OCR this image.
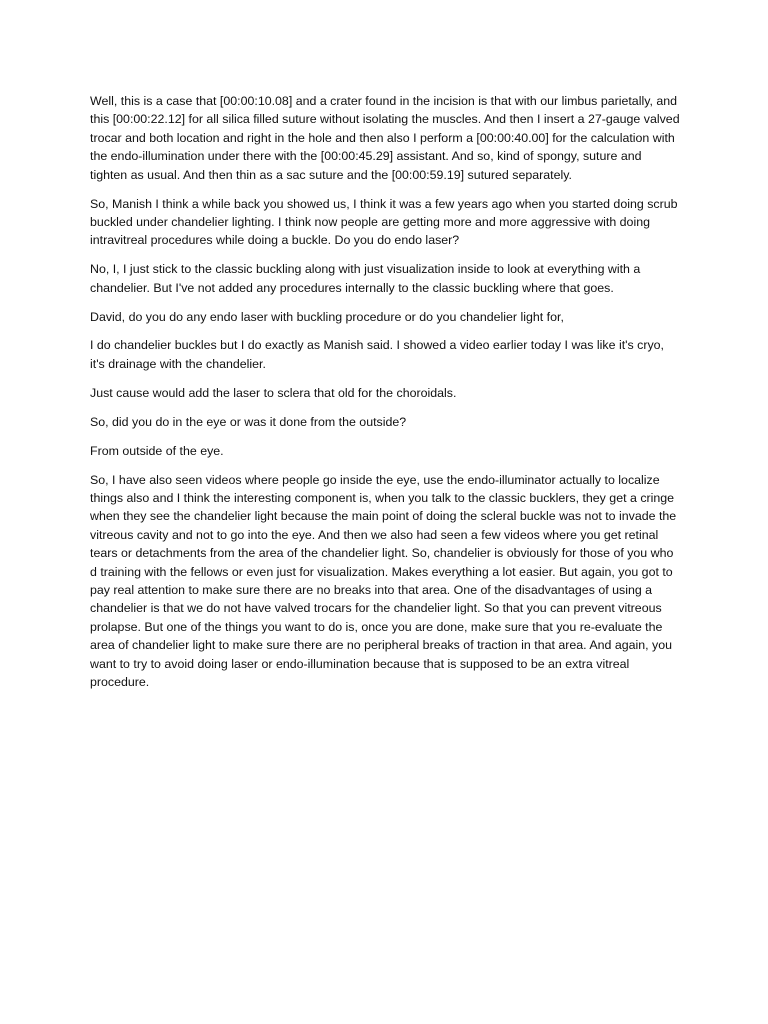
Well, this is a case that [00:00:10.08] and a crater found in the incision is that with our limbus parietally, and this [00:00:22.12] for all silica filled suture without isolating the muscles. And then I insert a 27-gauge valved trocar and both location and right in the hole and then also I perform a [00:00:40.00] for the calculation with the endo-illumination under there with the [00:00:45.29] assistant. And so, kind of spongy, suture and tighten as usual. And then thin as a sac suture and the [00:00:59.19] sutured separately.

So, Manish I think a while back you showed us, I think it was a few years ago when you started doing scrub buckled under chandelier lighting. I think now people are getting more and more aggressive with doing intravitreal procedures while doing a buckle. Do you do endo laser?

No, I, I just stick to the classic buckling along with just visualization inside to look at everything with a chandelier. But I've not added any procedures internally to the classic buckling where that goes.

David, do you do any endo laser with buckling procedure or do you chandelier light for,

I do chandelier buckles but I do exactly as Manish said. I showed a video earlier today I was like it's cryo, it's drainage with the chandelier.

Just cause would add the laser to sclera that old for the choroidals.

So, did you do in the eye or was it done from the outside?

From outside of the eye.

So, I have also seen videos where people go inside the eye, use the endo-illuminator actually to localize things also and I think the interesting component is, when you talk to the classic bucklers, they get a cringe when they see the chandelier light because the main point of doing the scleral buckle was not to invade the vitreous cavity and not to go into the eye. And then we also had seen a few videos where you get retinal tears or detachments from the area of the chandelier light. So, chandelier is obviously for those of you who d training with the fellows or even just for visualization. Makes everything a lot easier. But again, you got to pay real attention to make sure there are no breaks into that area. One of the disadvantages of using a chandelier is that we do not have valved trocars for the chandelier light. So that you can prevent vitreous prolapse. But one of the things you want to do is, once you are done, make sure that you re-evaluate the area of chandelier light to make sure there are no peripheral breaks of traction in that area. And again, you want to try to avoid doing laser or endo-illumination because that is supposed to be an extra vitreal procedure.
